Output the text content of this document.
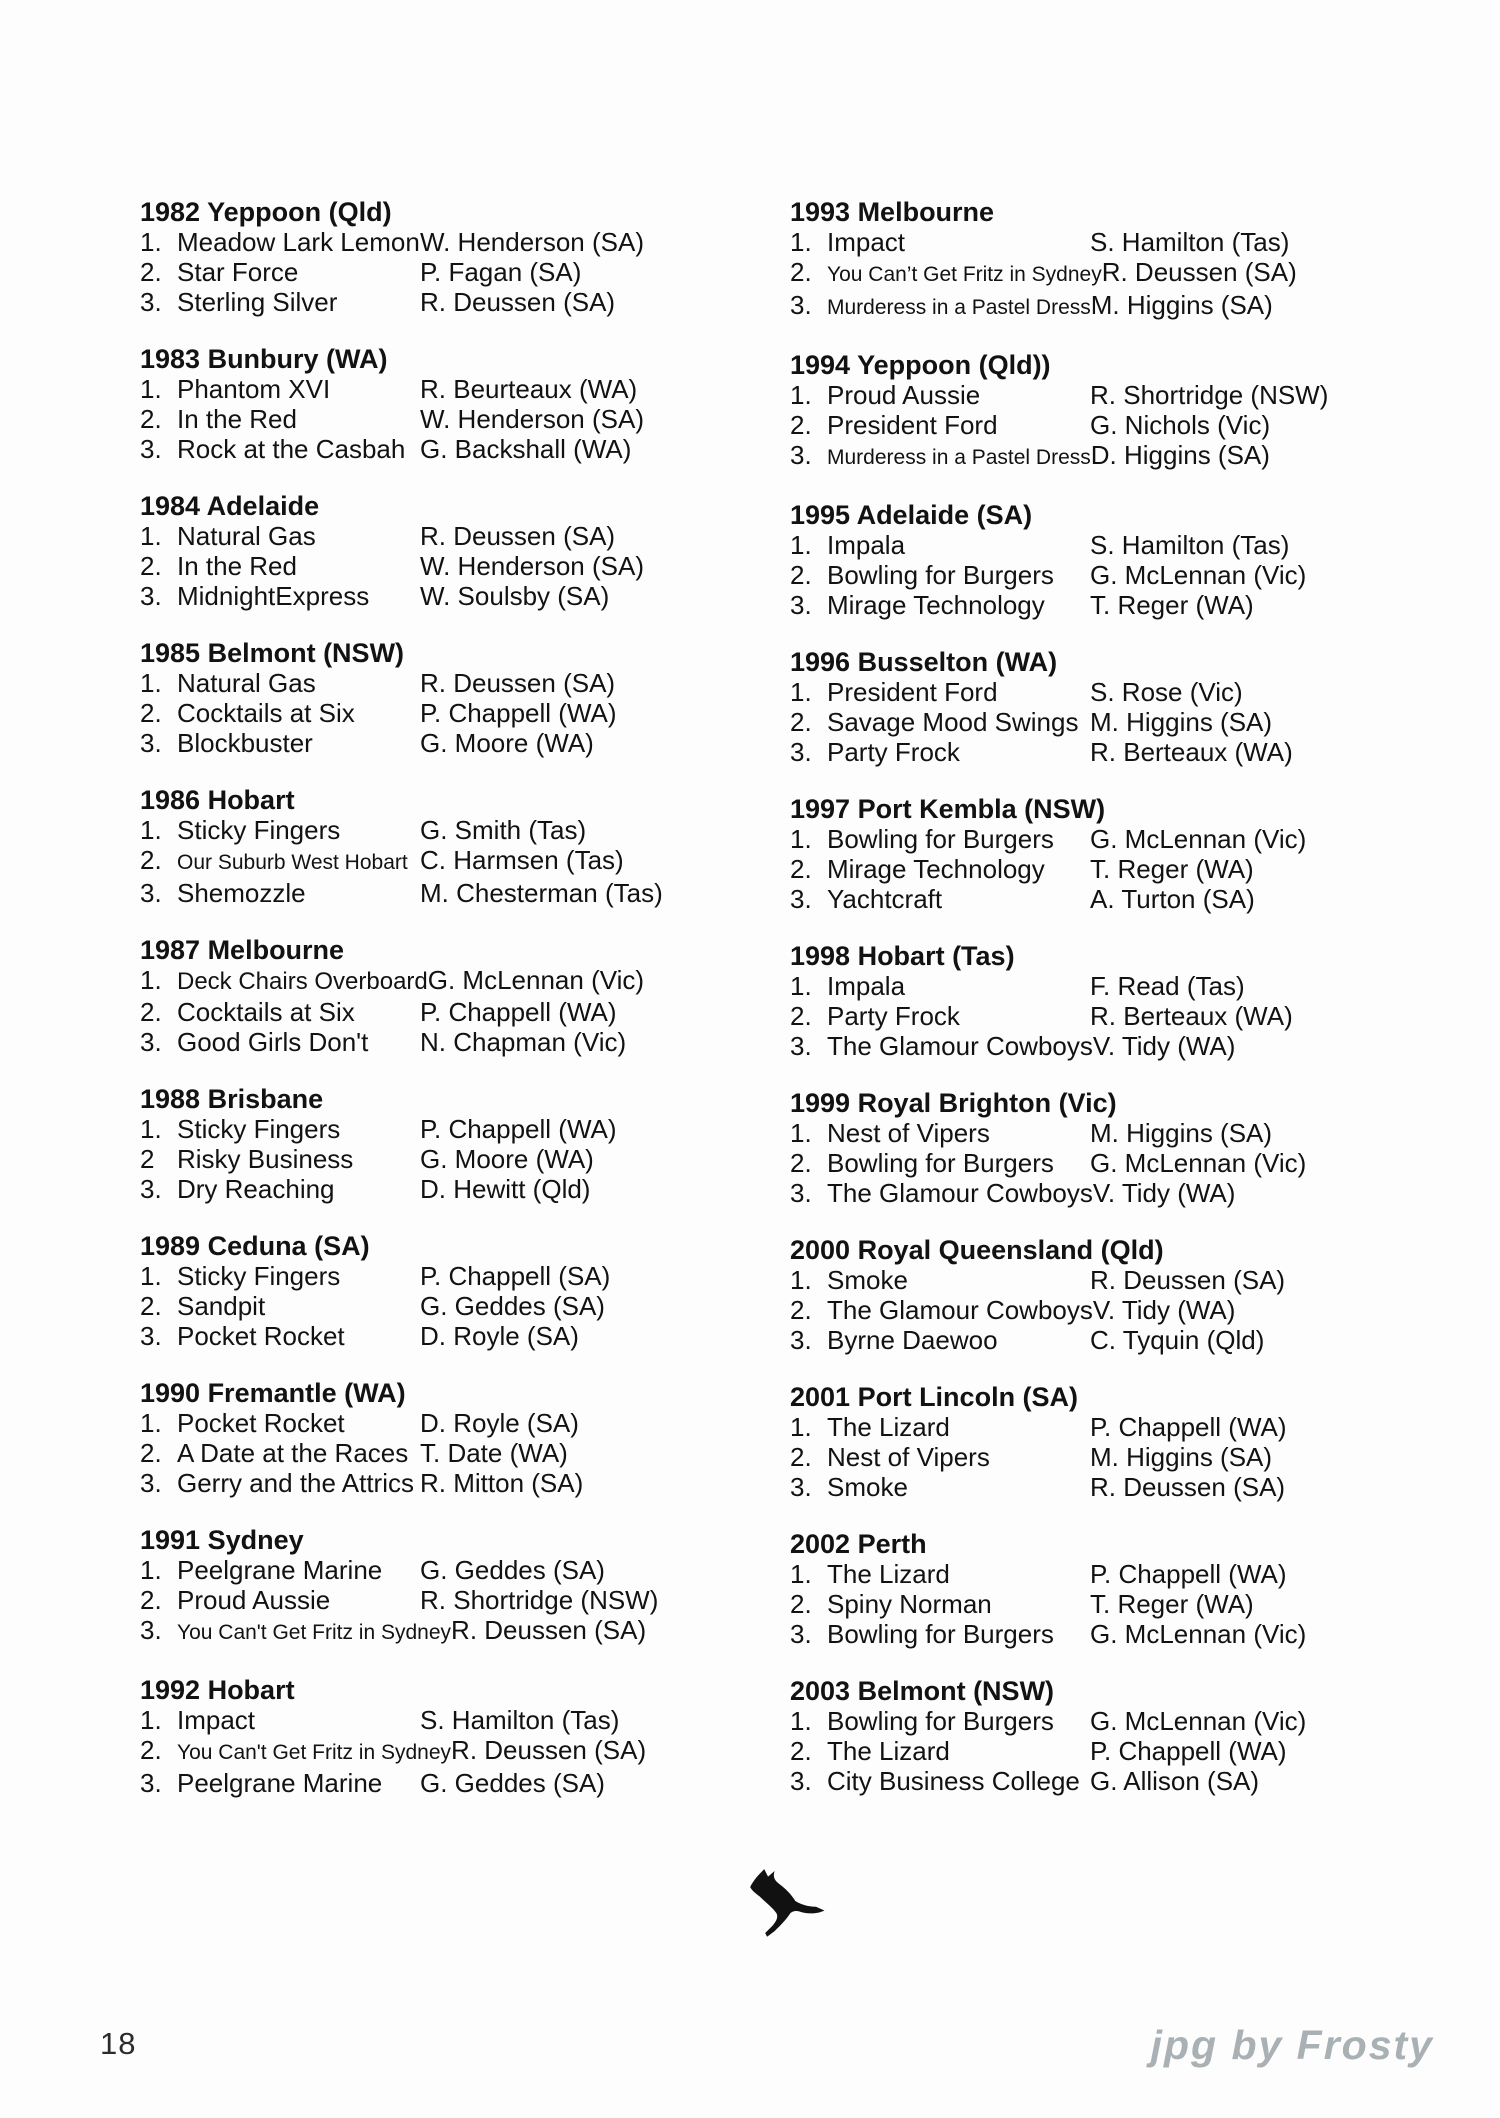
1982 Yeppoon (Qld)
1. Meadow Lark Lemon W. Henderson (SA)
2. Star Force	P. Fagan (SA)
3. Sterling Silver	R. Deussen (SA)
1983 Bunbury (WA)
1. Phantom XVI	R. Beurteaux (WA)
2. In the Red	W. Henderson (SA)
3. Rock at the Casbah G. Backshall (WA)
1984 Adelaide
1. Natural Gas	R. Deussen (SA)
2. In the Red	W. Henderson (SA)
3. MidnightExpress W. Soulsby (SA)
1985 Belmont (NSW)
1. Natural Gas	R. Deussen (SA)
2. Cocktails at Six	P. Chappell (WA)
3. Blockbuster	G. Moore (WA)
1986 Hobart
1. Sticky Fingers	G. Smith (Tas)
2. Our Suburb West Hobart C. Harmsen (Tas)
3. Shemozzle	M. Chesterman (Tas)
1987 Melbourne
1. Deck Chairs Overboard G. McLennan (Vic)
2. Cocktails at Six	P. Chappell (WA)
3. Good Girls Don't N. Chapman (Vic)
1988 Brisbane
1. Sticky Fingers	P. Chappell (WA)
2 Risky Business	G. Moore (WA)
3. Dry Reaching	D. Hewitt (Qld)
1989 Ceduna (SA)
1. Sticky Fingers	P. Chappell (SA)
2. Sandpit	G. Geddes (SA)
3. Pocket Rocket	D. Royle (SA)
1990 Fremantle (WA)
1. Pocket Rocket	D. Royle (SA)
2. A Date at the Races T. Date (WA)
3. Gerry and the Attrics R. Mitton (SA)
1991 Sydney
1. Peelgrane Marine G. Geddes (SA)
2. Proud Aussie	R. Shortridge (NSW)
3. You Can't Get Fritz in Sydney R. Deussen (SA)
1992 Hobart
1. Impact	S. Hamilton (Tas)
2. You Can't Get Fritz in Sydney R. Deussen (SA)
3. Peelgrane Marine G. Geddes (SA)
1993 Melbourne
1. Impact	S. Hamilton (Tas)
2. You Can’t Get Fritz in Sydney R. Deussen (SA)
3. Murderess in a Pastel Dress M. Higgins (SA)
1994 Yeppoon (Qld))
1. Proud Aussie	R. Shortridge (NSW)
2. President Ford	G. Nichols (Vic)
3. Murderess in a Pastel Dress D. Higgins (SA)
1995 Adelaide (SA)
1. Impala	S. Hamilton (Tas)
2. Bowling for Burgers G. McLennan (Vic)
3. Mirage Technology T. Reger (WA)
1996 Busselton (WA)
1. President Ford	S. Rose (Vic)
2. Savage Mood Swings M. Higgins (SA)
3. Party Frock	R. Berteaux (WA)
1997 Port Kembla (NSW)
1. Bowling for Burgers G. McLennan (Vic)
2. Mirage Technology T. Reger (WA)
3. Yachtcraft	A. Turton (SA)
1998 Hobart (Tas)
1. Impala	F. Read (Tas)
2. Party Frock	R. Berteaux (WA)
3. The Glamour Cowboys V. Tidy (WA)
1999 Royal Brighton (Vic)
1. Nest of Vipers	M. Higgins (SA)
2. Bowling for Burgers G. McLennan (Vic)
3. The Glamour Cowboys V. Tidy (WA)
2000 Royal Queensland (Qld)
1. Smoke	R. Deussen (SA)
2. The Glamour Cowboys V. Tidy (WA)
3. Byrne Daewoo	C. Tyquin (Qld)
2001 Port Lincoln (SA)
1. The Lizard	P. Chappell (WA)
2. Nest of Vipers	M. Higgins (SA)
3. Smoke	R. Deussen (SA)
2002 Perth
1. The Lizard	P. Chappell (WA)
2. Spiny Norman	T. Reger (WA)
3. Bowling for Burgers G. McLennan (Vic)
2003 Belmont (NSW)
1. Bowling for Burgers G. McLennan (Vic)
2. The Lizard	P. Chappell (WA)
3. City Business College G. Allison (SA)
18	jpg by Frosty
